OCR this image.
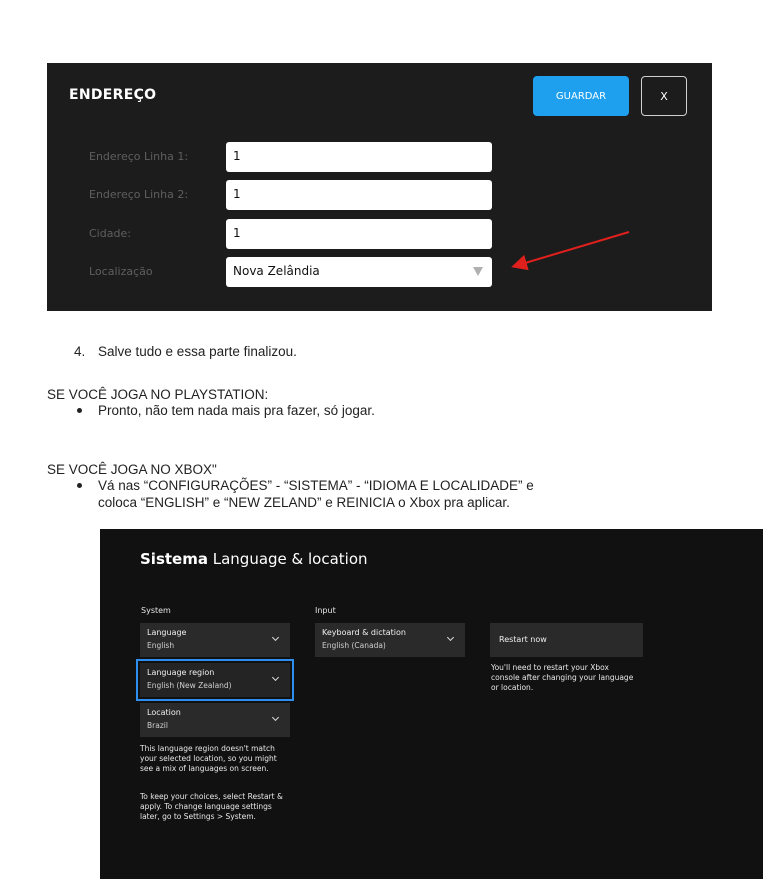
ENDEREÇO	GUARDAR	X
Endereço Linha 1:	1
Endereço Linha 2:	1
Cidade:	1
Localização	Nova Zelândia
4. Salve tudo e essa parte finalizou.
SE VOCÊ JOGA NO PLAYSTATION:
Pronto, não tem nada mais pra fazer, só jogar.
SE VOCÊ JOGA NO XBOX"
Vá nas “CONFIGURAÇÕES” - “SISTEMA” - “IDIOMA E LOCALIDADE” e
coloca “ENGLISH” e “NEW ZELAND” e REINICIA o Xbox pra aplicar.
Sistema Language & location
System	Input
Language
English
Language region
English (New Zealand)
Location
Brazil
Keyboard & dictation
English (Canada)
Restart now
You'll need to restart your Xbox
console after changing your language
or location.
This language region doesn't match
your selected location, so you might
see a mix of languages on screen.
To keep your choices, select Restart &
apply. To change language settings
later, go to Settings > System.
